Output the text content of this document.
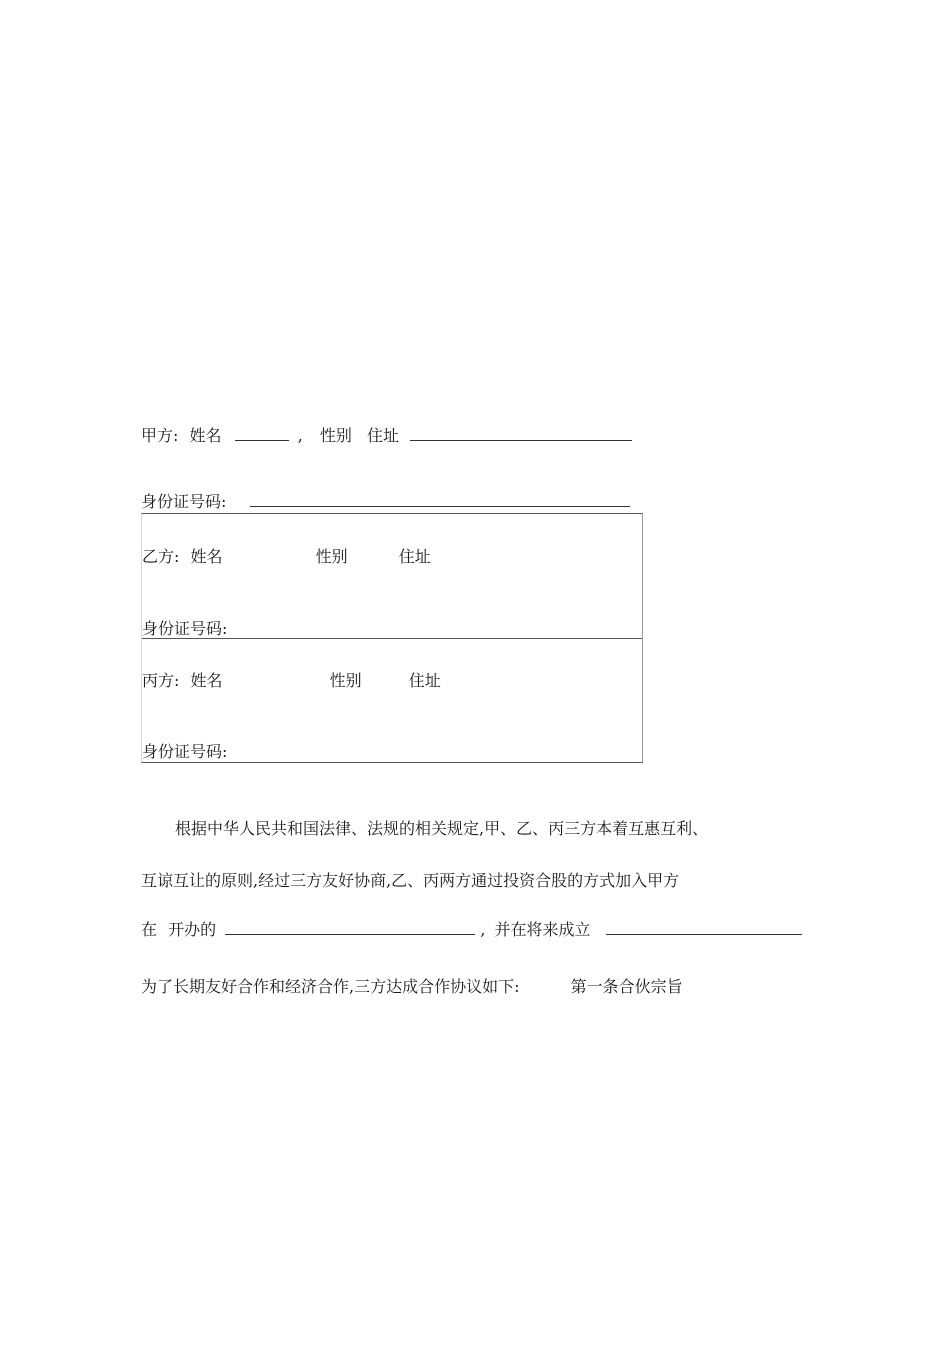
甲方: 姓名	, 性别 住址
身份证号码:
乙方: 姓名	性别	住址
身份证号码:
丙方: 姓名	性别	住址
身份证号码:
根据中华人民共和国法律、法规的相关规定,甲、乙、丙三方本着互惠互利、
互谅互让的原则,经过三方友好协商,乙、丙两方通过投资合股的方式加入甲方
在 开办的	, 并在将来成立
为了长期友好合作和经济合作,三方达成合作协议如下:	第一条合伙宗旨
